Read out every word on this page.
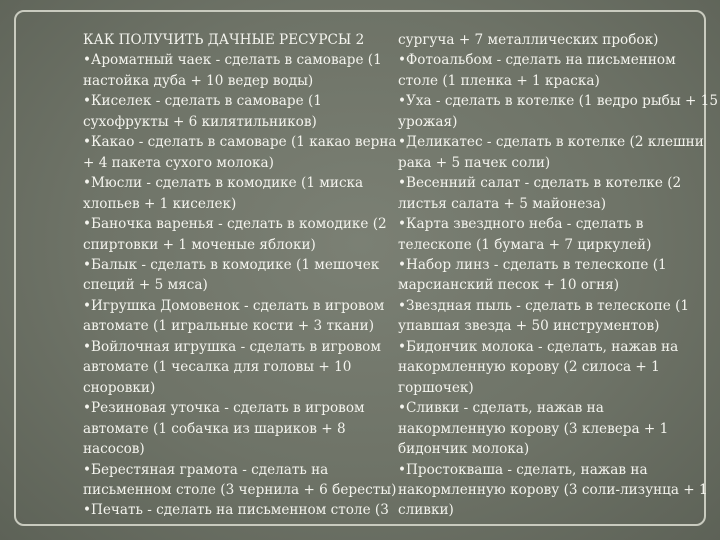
КАК ПОЛУЧИТЬ ДАЧНЫЕ РЕСУРСЫ 2
•Ароматный чаек - сделать в самоваре (1
настойка дуба + 10 ведер воды)
•Киселек - сделать в самоваре (1
сухофрукты + 6 килятильников)
•Какао - сделать в самоваре (1 какао верна
+ 4 пакета сухого молока)
•Мюсли - сделать в комодике (1 миска
хлопьев + 1 киселек)
•Баночка варенья - сделать в комодике (2
спиртовки + 1 моченые яблоки)
•Балык - сделать в комодике (1 мешочек
специй + 5 мяса)
•Игрушка Домовенок - сделать в игровом
автомате (1 игральные кости + 3 ткани)
•Войлочная игрушка - сделать в игровом
автомате (1 чесалка для головы + 10
сноровки)
•Резиновая уточка - сделать в игровом
автомате (1 собачка из шариков + 8
насосов)
•Берестяная грамота - сделать на
письменном столе (3 чернила + 6 бересты)
•Печать - сделать на письменном столе (3
сургуча + 7 металлических пробок)
•Фотоальбом - сделать на письменном
столе (1 пленка + 1 краска)
•Уха - сделать в котелке (1 ведро рыбы + 15
урожая)
•Деликатес - сделать в котелке (2 клешни
рака + 5 пачек соли)
•Весенний салат - сделать в котелке (2
листья салата + 5 майонеза)
•Карта звездного неба - сделать в
телескопе (1 бумага + 7 циркулей)
•Набор линз - сделать в телескопе (1
марсианский песок + 10 огня)
•Звездная пыль - сделать в телескопе (1
упавшая звезда + 50 инструментов)
•Бидончик молока - сделать, нажав на
накормленную корову (2 силоса + 1
горшочек)
•Сливки - сделать, нажав на
накормленную корову (3 клевера + 1
бидончик молока)
•Простокваша - сделать, нажав на
накормленную корову (3 соли-лизунца + 1
сливки)
